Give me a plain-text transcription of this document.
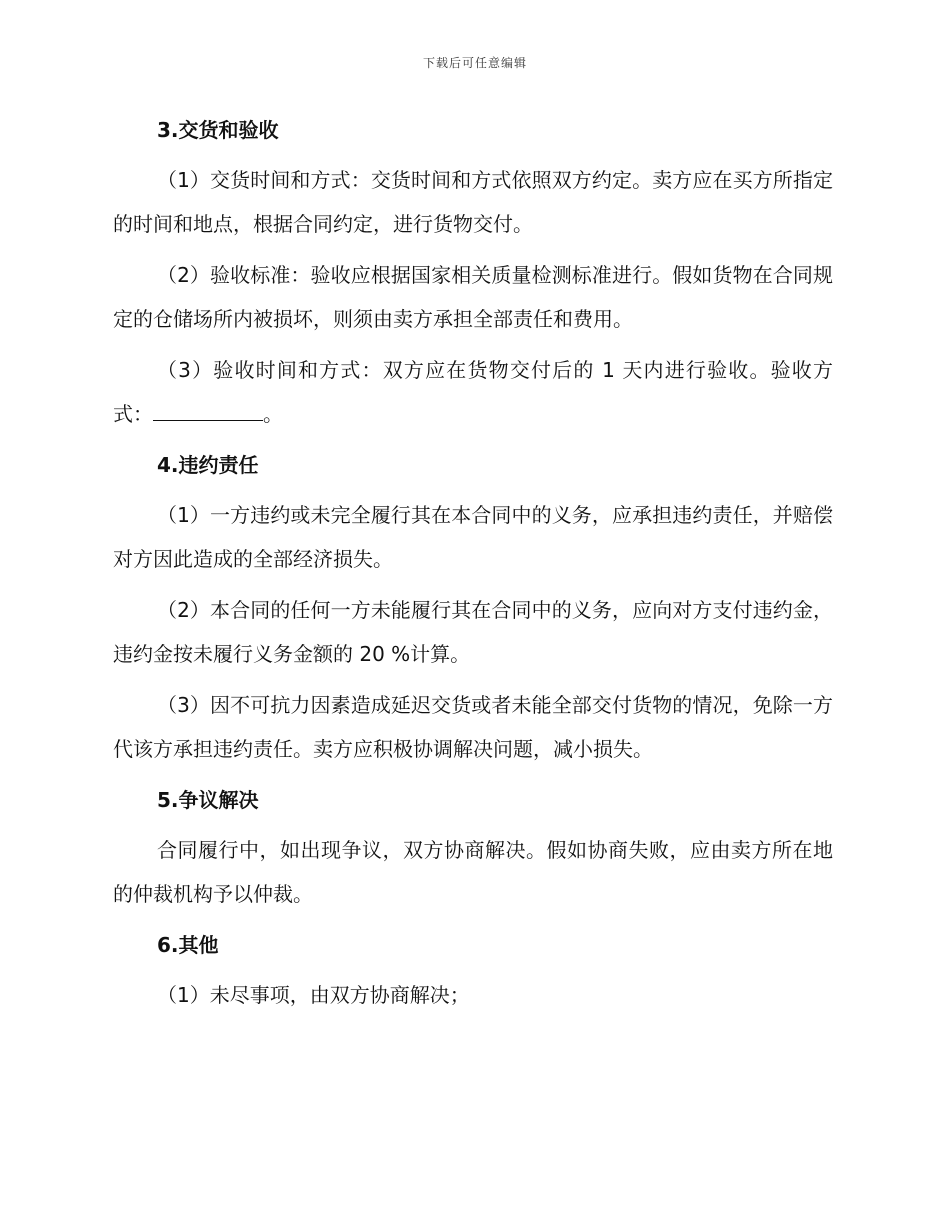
下载后可任意编辑
3.交货和验收

（1）交货时间和方式：交货时间和方式依照双方约定。卖方应在买方所指定的时间和地点，根据合同约定，进行货物交付。

（2）验收标准：验收应根据国家相关质量检测标准进行。假如货物在合同规定的仓储场所内被损坏，则须由卖方承担全部责任和费用。

（3）验收时间和方式：双方应在货物交付后的 1 天内进行验收。验收方式：	。

4.违约责任

（1）一方违约或未完全履行其在本合同中的义务，应承担违约责任，并赔偿对方因此造成的全部经济损失。

（2）本合同的任何一方未能履行其在合同中的义务，应向对方支付违约金，违约金按未履行义务金额的 20 %计算。

（3）因不可抗力因素造成延迟交货或者未能全部交付货物的情况，免除一方代该方承担违约责任。卖方应积极协调解决问题，减小损失。

5.争议解决

合同履行中，如出现争议，双方协商解决。假如协商失败，应由卖方所在地的仲裁机构予以仲裁。

6.其他

（1）未尽事项，由双方协商解决；
